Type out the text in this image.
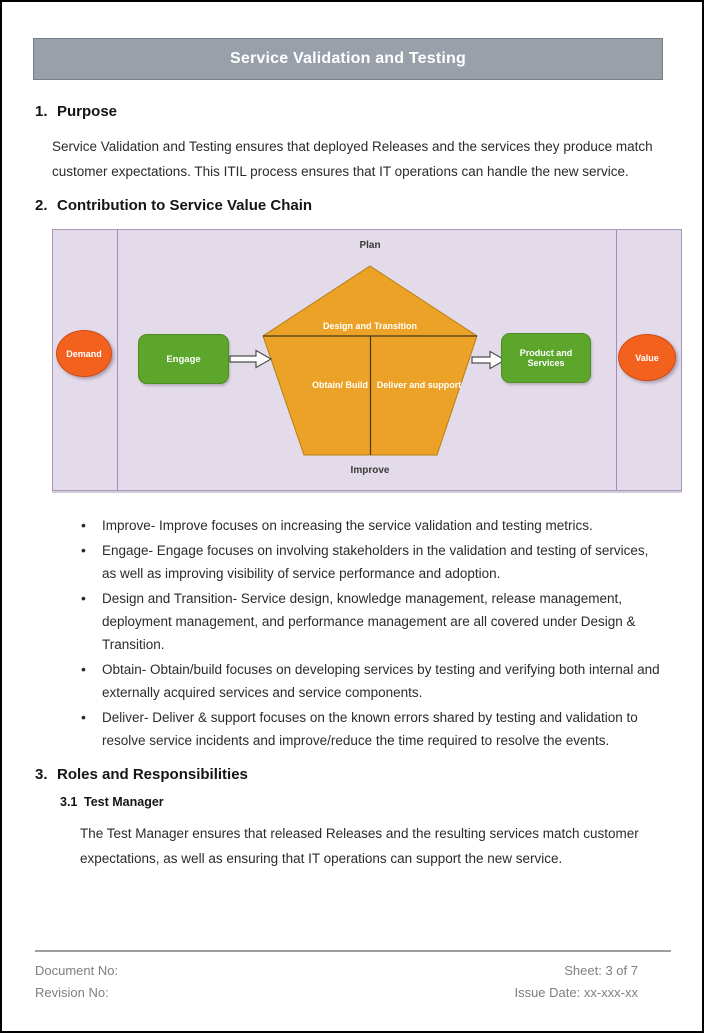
Service Validation and Testing
1. Purpose

Service Validation and Testing ensures that deployed Releases and the services they produce match customer expectations. This ITIL process ensures that IT operations can handle the new service.

2. Contribution to Service Value Chain
Plan
Design and Transition
Obtain/ Build Deliver and support
Improve
Demand	Engage
Product and Services
Value
• Improve- Improve focuses on increasing the service validation and testing metrics.
• Engage- Engage focuses on involving stakeholders in the validation and testing of services, as well as improving visibility of service performance and adoption.
• Design and Transition- Service design, knowledge management, release management, deployment management, and performance management are all covered under Design & Transition.
• Obtain- Obtain/build focuses on developing services by testing and verifying both internal and externally acquired services and service components.
• Deliver- Deliver & support focuses on the known errors shared by testing and validation to resolve service incidents and improve/reduce the time required to resolve the events.
3. Roles and Responsibilities
3.1 Test Manager

The Test Manager ensures that released Releases and the resulting services match customer expectations, as well as ensuring that IT operations can support the new service.

Document No:
Revision No:
Sheet: 3 of 7
Issue Date: xx-xxx-xx
